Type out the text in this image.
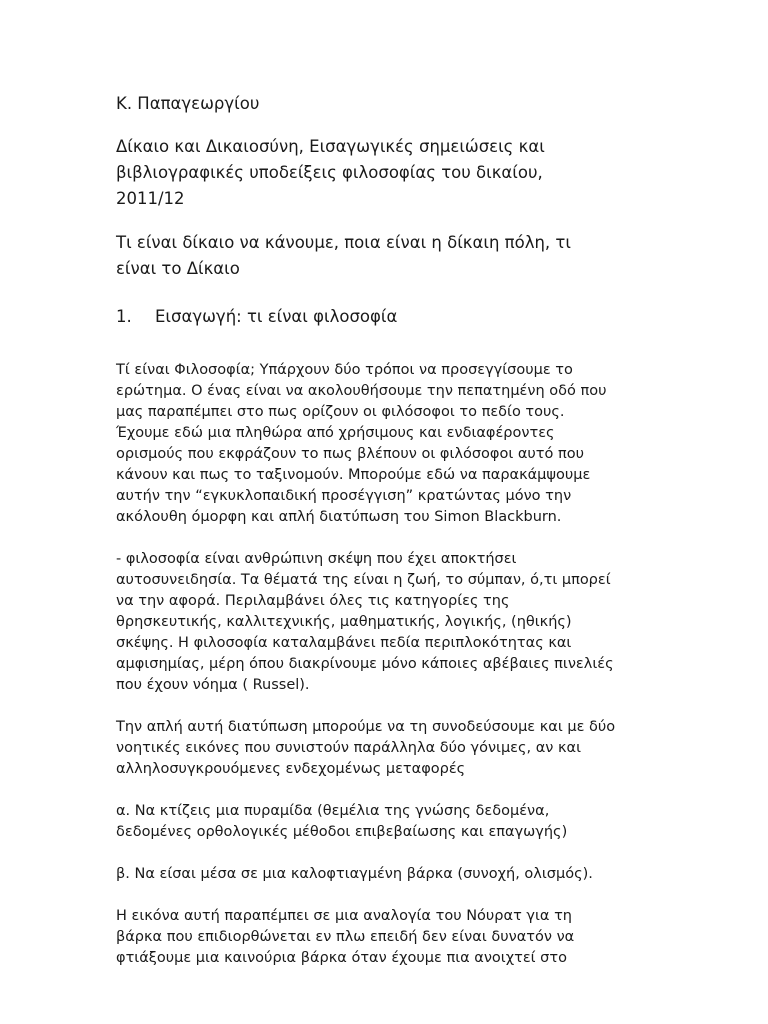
Κ. Παπαγεωργίου
Δίκαιο και Δικαιοσύνη, Εισαγωγικές σημειώσεις και
βιβλιογραφικές υποδείξεις φιλοσοφίας του δικαίου,
2011/12
Τι είναι δίκαιο να κάνουμε, ποια είναι η δίκαιη πόλη, τι
είναι το Δίκαιο
1. Εισαγωγή: τι είναι φιλοσοφία
Τί είναι Φιλοσοφία; Υπάρχουν δύο τρόποι να προσεγγίσουμε το
ερώτημα. Ο ένας είναι να ακολουθήσουμε την πεπατημένη οδό που
μας παραπέμπει στο πως ορίζουν οι φιλόσοφοι το πεδίο τους.
Έχουμε εδώ μια πληθώρα από χρήσιμους και ενδιαφέροντες
ορισμούς που εκφράζουν το πως βλέπουν οι φιλόσοφοι αυτό που
κάνουν και πως το ταξινομούν. Μπορούμε εδώ να παρακάμψουμε
αυτήν την “εγκυκλοπαιδική προσέγγιση” κρατώντας μόνο την
ακόλουθη όμορφη και απλή διατύπωση του Simon Blackburn.
- φιλοσοφία είναι ανθρώπινη σκέψη που έχει αποκτήσει
αυτοσυνειδησία. Τα θέματά της είναι η ζωή, το σύμπαν, ό,τι μπορεί
να την αφορά. Περιλαμβάνει όλες τις κατηγορίες της
θρησκευτικής, καλλιτεχνικής, μαθηματικής, λογικής, (ηθικής)
σκέψης. Η φιλοσοφία καταλαμβάνει πεδία περιπλοκότητας και
αμφισημίας, μέρη όπου διακρίνουμε μόνο κάποιες αβέβαιες πινελιές
που έχουν νόημα ( Russel).
Την απλή αυτή διατύπωση μπορούμε να τη συνοδεύσουμε και με δύο
νοητικές εικόνες που συνιστούν παράλληλα δύο γόνιμες, αν και
αλληλοσυγκρουόμενες ενδεχομένως μεταφορές
α. Να κτίζεις μια πυραμίδα (θεμέλια της γνώσης δεδομένα,
δεδομένες ορθολογικές μέθοδοι επιβεβαίωσης και επαγωγής)
β. Να είσαι μέσα σε μια καλοφτιαγμένη βάρκα (συνοχή, ολισμός).
Η εικόνα αυτή παραπέμπει σε μια αναλογία του Νόυρατ για τη
βάρκα που επιδιορθώνεται εν πλω επειδή δεν είναι δυνατόν να
φτιάξουμε μια καινούρια βάρκα όταν έχουμε πια ανοιχτεί στο
